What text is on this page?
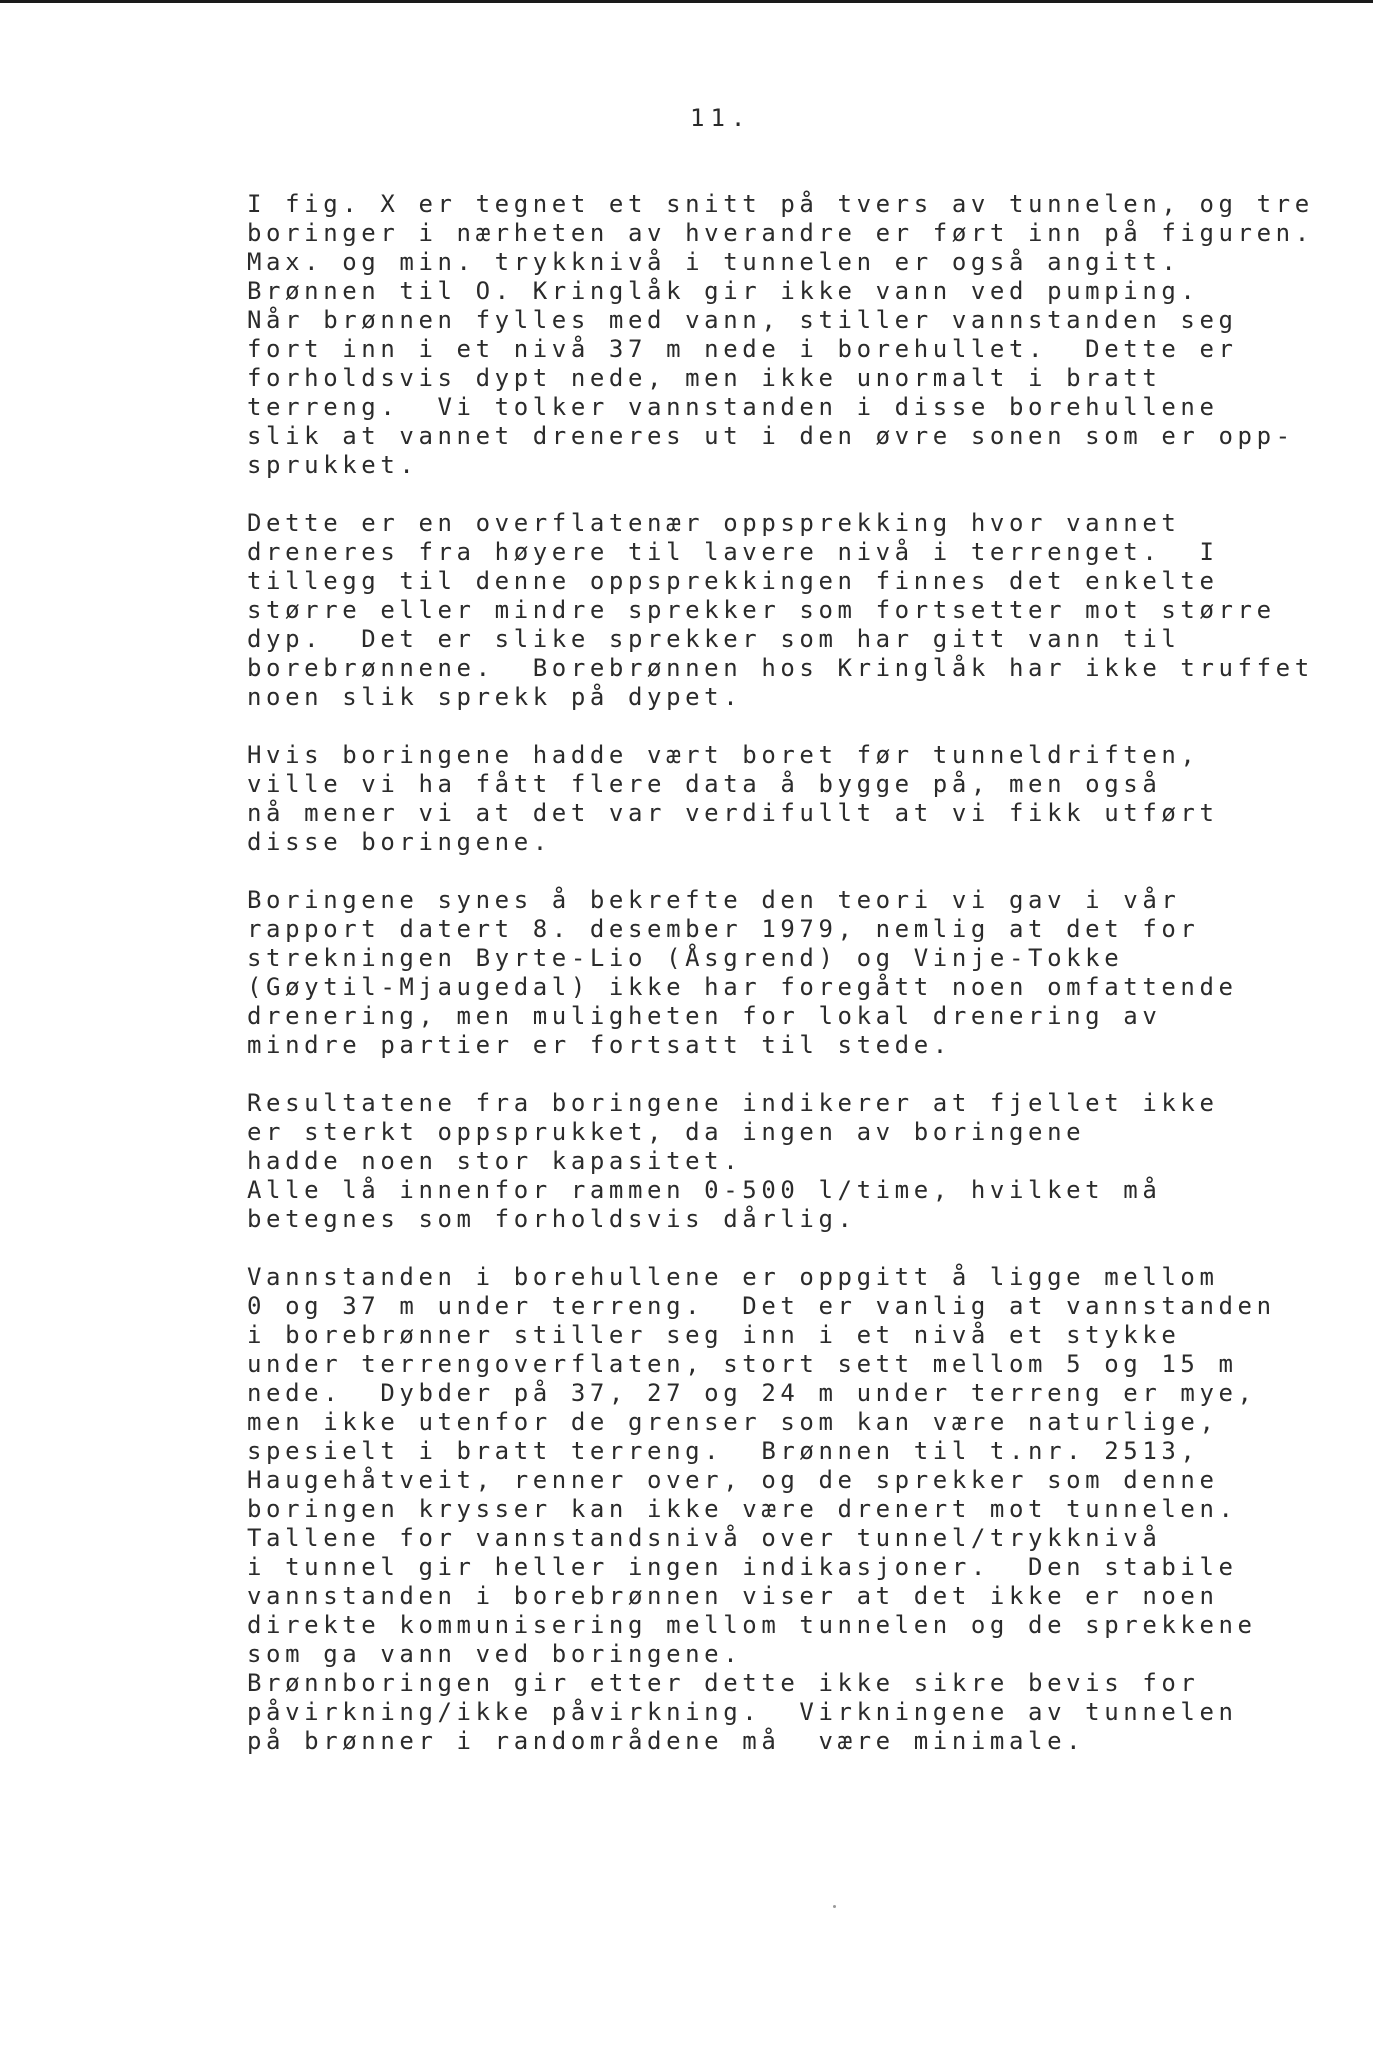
11.
I fig. X er tegnet et snitt på tvers av tunnelen, og tre
boringer i nærheten av hverandre er ført inn på figuren.
Max. og min. trykknivå i tunnelen er også angitt.
Brønnen til O. Kringlåk gir ikke vann ved pumping.
Når brønnen fylles med vann, stiller vannstanden seg
fort inn i et nivå 37 m nede i borehullet.  Dette er
forholdsvis dypt nede, men ikke unormalt i bratt
terreng.  Vi tolker vannstanden i disse borehullene
slik at vannet dreneres ut i den øvre sonen som er opp-
sprukket.
Dette er en overflatenær oppsprekking hvor vannet
dreneres fra høyere til lavere nivå i terrenget.  I
tillegg til denne oppsprekkingen finnes det enkelte
større eller mindre sprekker som fortsetter mot større
dyp.  Det er slike sprekker som har gitt vann til
borebrønnene.  Borebrønnen hos Kringlåk har ikke truffet
noen slik sprekk på dypet.
Hvis boringene hadde vært boret før tunneldriften,
ville vi ha fått flere data å bygge på, men også
nå mener vi at det var verdifullt at vi fikk utført
disse boringene.
Boringene synes å bekrefte den teori vi gav i vår
rapport datert 8. desember 1979, nemlig at det for
strekningen Byrte-Lio (Åsgrend) og Vinje-Tokke
(Gøytil-Mjaugedal) ikke har foregått noen omfattende
drenering, men muligheten for lokal drenering av
mindre partier er fortsatt til stede.
Resultatene fra boringene indikerer at fjellet ikke
er sterkt oppsprukket, da ingen av boringene
hadde noen stor kapasitet.
Alle lå innenfor rammen 0-500 l/time, hvilket må
betegnes som forholdsvis dårlig.
Vannstanden i borehullene er oppgitt å ligge mellom
0 og 37 m under terreng.  Det er vanlig at vannstanden
i borebrønner stiller seg inn i et nivå et stykke
under terrengoverflaten, stort sett mellom 5 og 15 m
nede.  Dybder på 37, 27 og 24 m under terreng er mye,
men ikke utenfor de grenser som kan være naturlige,
spesielt i bratt terreng.  Brønnen til t.nr. 2513,
Haugehåtveit, renner over, og de sprekker som denne
boringen krysser kan ikke være drenert mot tunnelen.
Tallene for vannstandsnivå over tunnel/trykknivå
i tunnel gir heller ingen indikasjoner.  Den stabile
vannstanden i borebrønnen viser at det ikke er noen
direkte kommunisering mellom tunnelen og de sprekkene
som ga vann ved boringene.
Brønnboringen gir etter dette ikke sikre bevis for
påvirkning/ikke påvirkning.  Virkningene av tunnelen
på brønner i randområdene må  være minimale.
